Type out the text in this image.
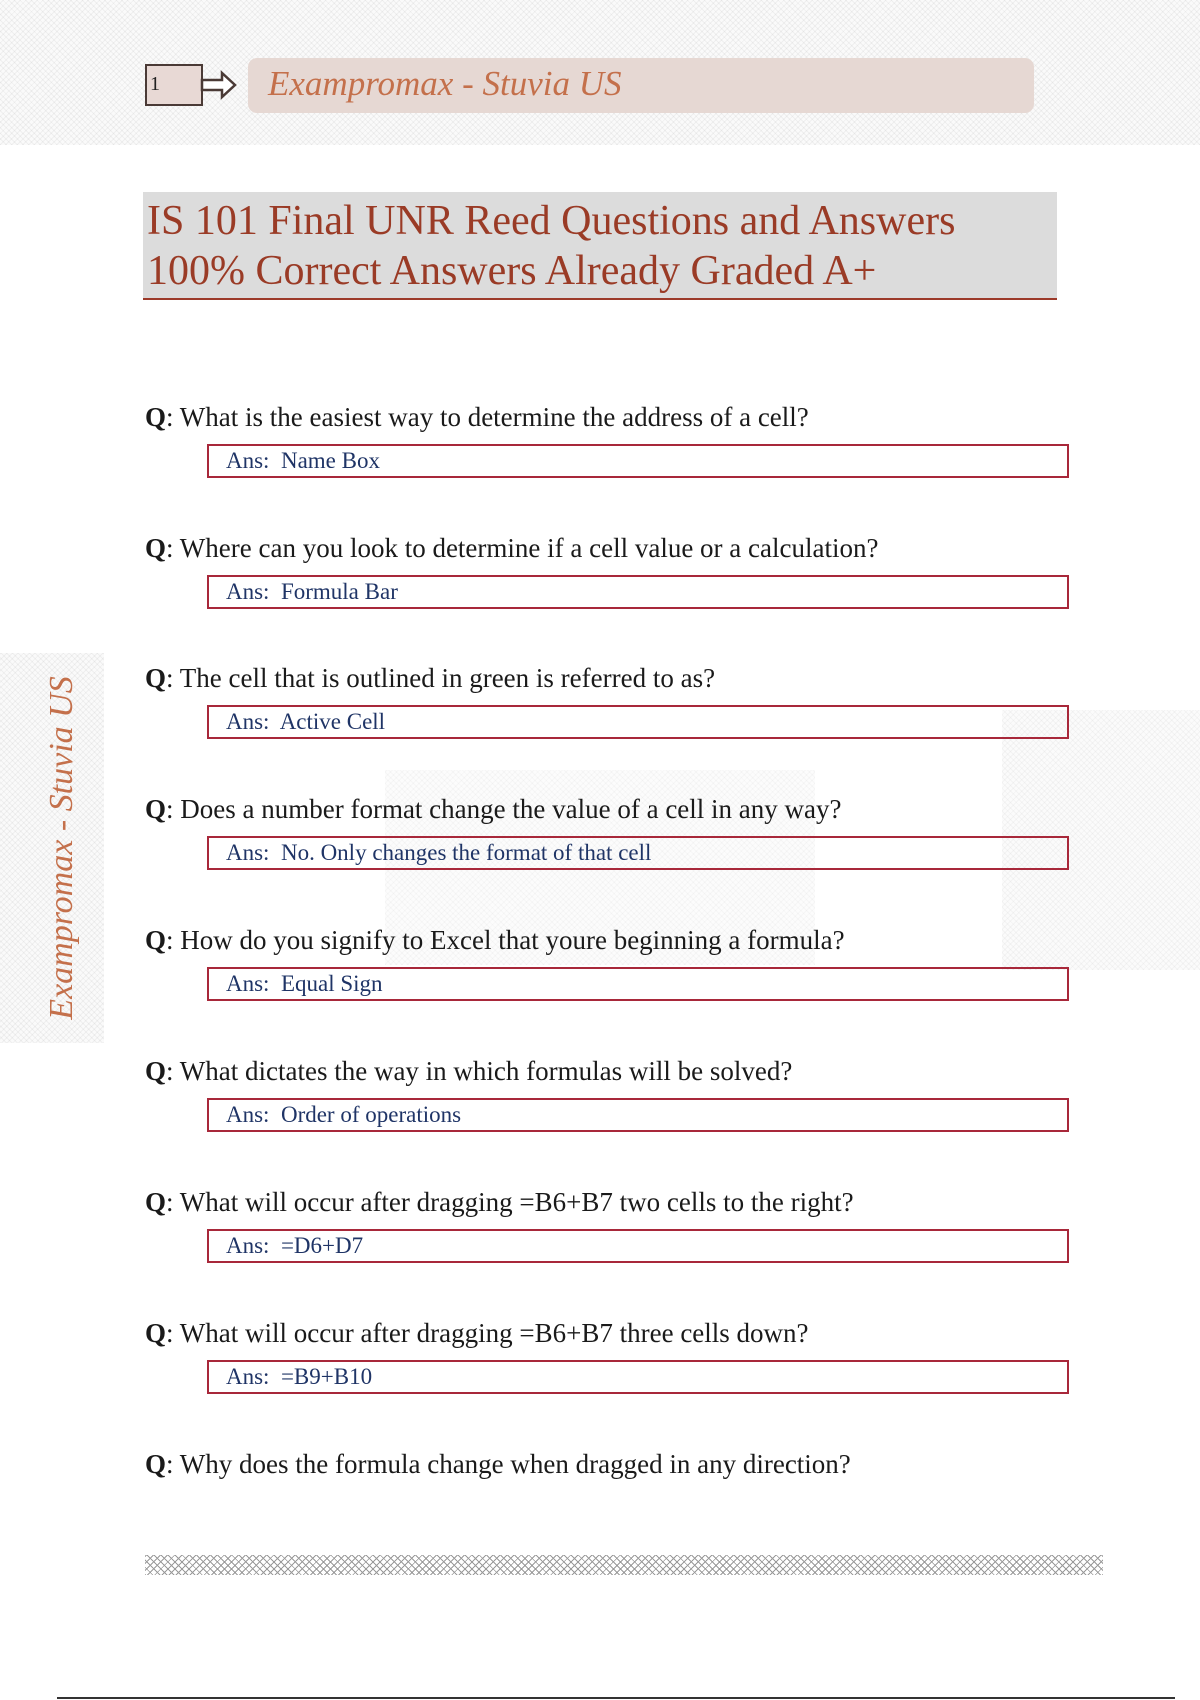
1	Exampromax - Stuvia US
Exampromax - Stuvia US
IS 101 Final UNR Reed Questions and Answers
100% Correct Answers Already Graded A+
Q: What is the easiest way to determine the address of a cell?
Ans: Name Box
Q: Where can you look to determine if a cell value or a calculation?
Ans: Formula Bar
Q: The cell that is outlined in green is referred to as?
Ans: Active Cell
Q: Does a number format change the value of a cell in any way?
Ans: No. Only changes the format of that cell
Q: How do you signify to Excel that youre beginning a formula?
Ans: Equal Sign
Q: What dictates the way in which formulas will be solved?
Ans: Order of operations
Q: What will occur after dragging =B6+B7 two cells to the right?
Ans: =D6+D7
Q: What will occur after dragging =B6+B7 three cells down?
Ans: =B9+B10
Q: Why does the formula change when dragged in any direction?
